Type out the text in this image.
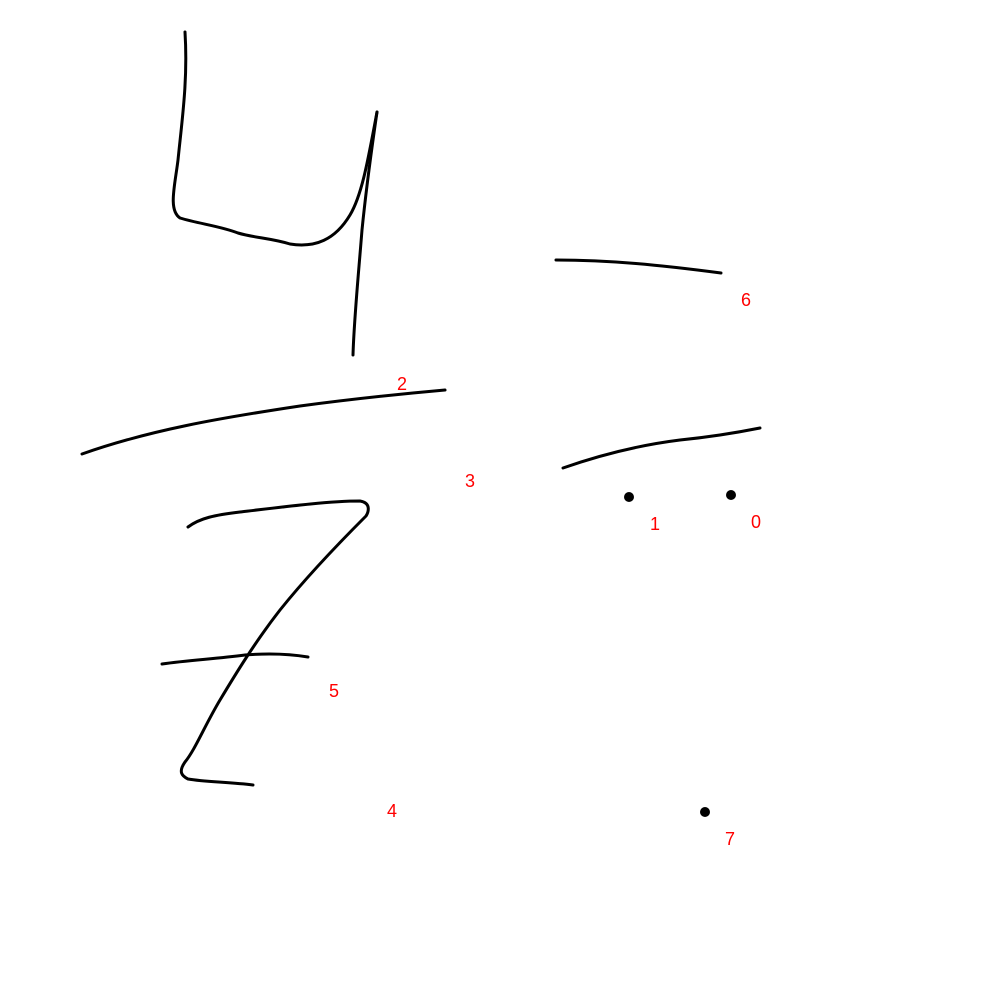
0
1
2
3
4
5
6
7
